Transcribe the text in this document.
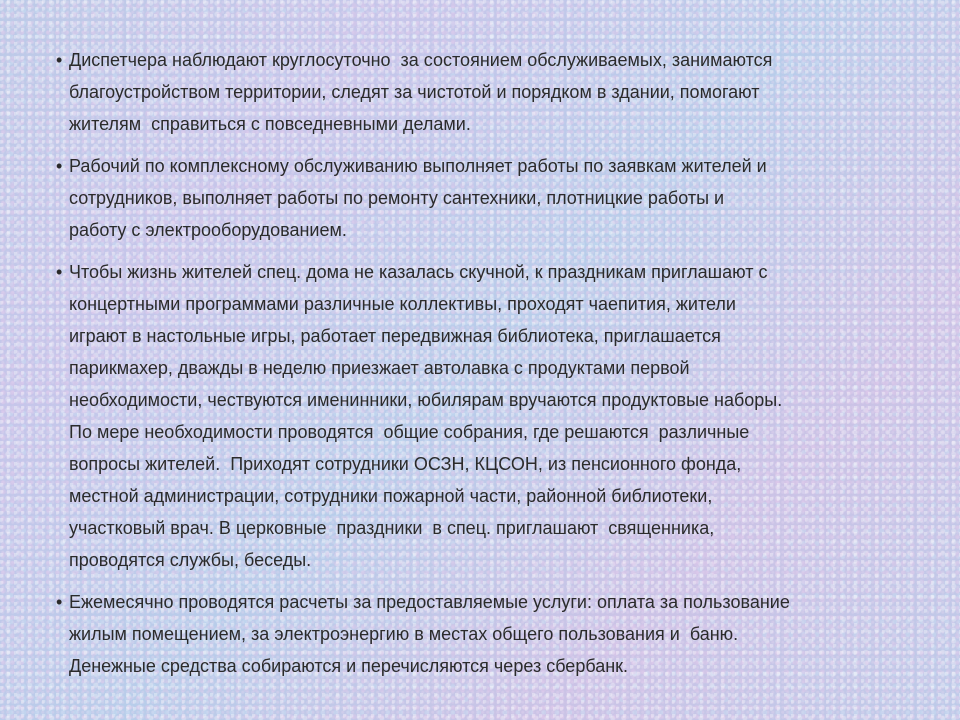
• Диспетчера наблюдают круглосуточно  за состоянием обслуживаемых, занимаются
благоустройством территории, следят за чистотой и порядком в здании, помогают
жителям  справиться с повседневными делами.
• Рабочий по комплексному обслуживанию выполняет работы по заявкам жителей и
сотрудников, выполняет работы по ремонту сантехники, плотницкие работы и
работу с электрооборудованием.
• Чтобы жизнь жителей спец. дома не казалась скучной, к праздникам приглашают с
концертными программами различные коллективы, проходят чаепития, жители
играют в настольные игры, работает передвижная библиотека, приглашается
парикмахер, дважды в неделю приезжает автолавка с продуктами первой
необходимости, чествуются именинники, юбилярам вручаются продуктовые наборы.
По мере необходимости проводятся  общие собрания, где решаются  различные
вопросы жителей.  Приходят сотрудники ОСЗН, КЦСОН, из пенсионного фонда,
местной администрации, сотрудники пожарной части, районной библиотеки,
участковый врач. В церковные  праздники  в спец. приглашают  священника,
проводятся службы, беседы.
• Ежемесячно проводятся расчеты за предоставляемые услуги: оплата за пользование
жилым помещением, за электроэнергию в местах общего пользования и  баню.
Денежные средства собираются и перечисляются через сбербанк.
